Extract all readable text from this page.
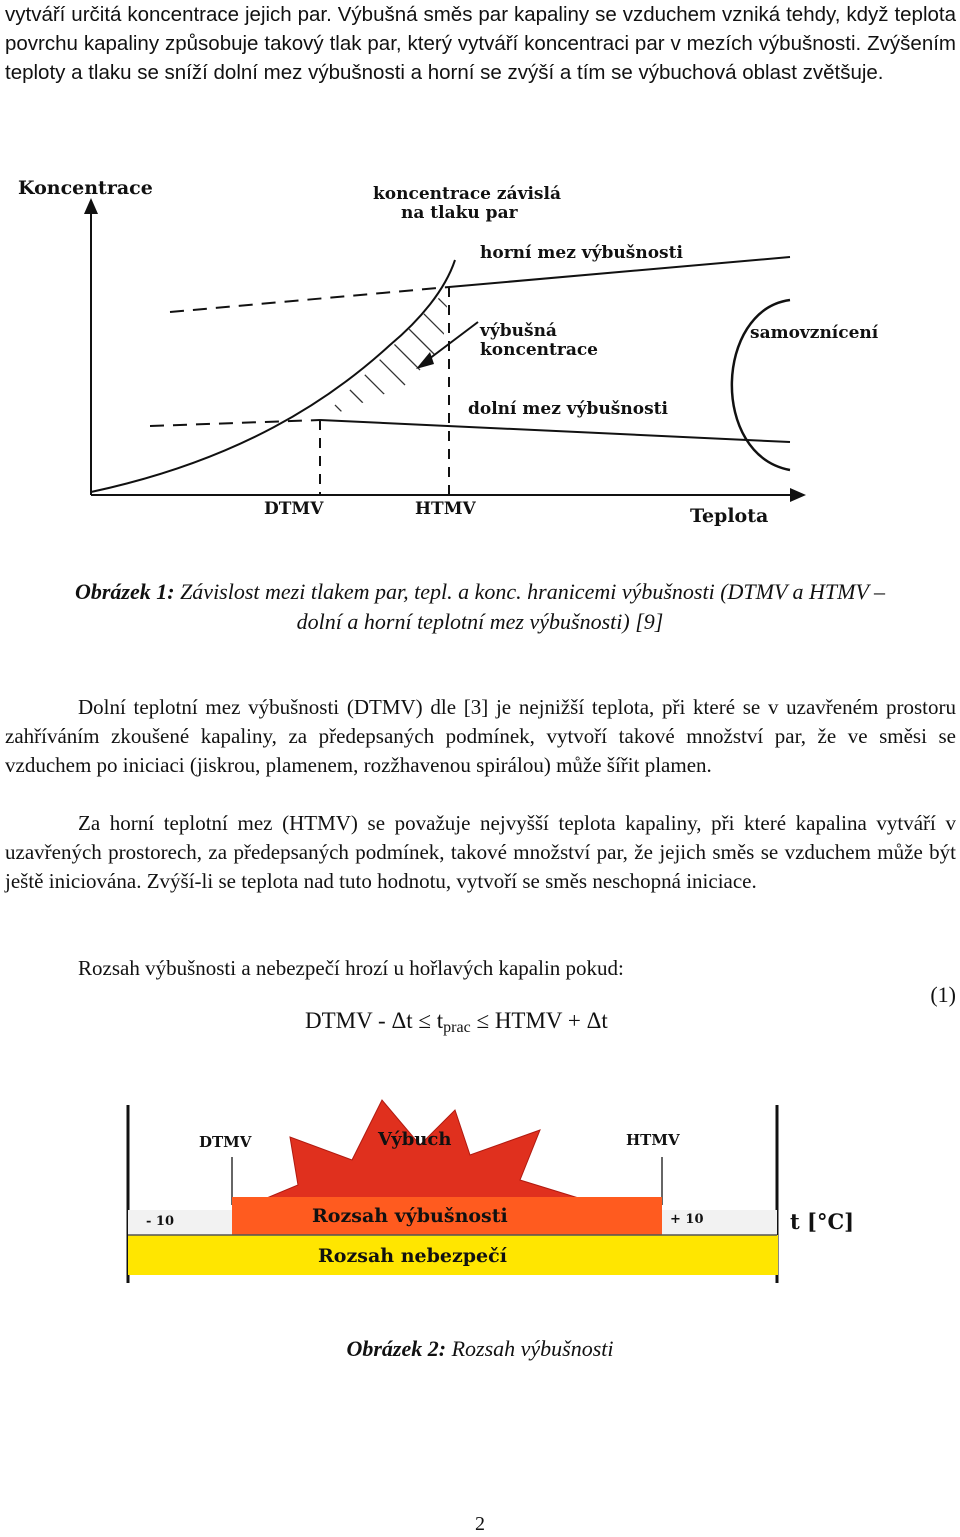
vytváří určitá koncentrace jejich par. Výbušná směs par kapaliny se vzduchem vzniká tehdy, když teplota povrchu kapaliny způsobuje takový tlak par, který vytváří koncentraci par v mezích výbušnosti. Zvýšením teploty a tlaku se sníží dolní mez výbušnosti a horní se zvýší a tím se výbuchová oblast zvětšuje.

Koncentrace	koncentrace závislá
na tlaku par
horní mez výbušnosti
výbušná
koncentrace
samovznícení
dolní mez výbušnosti
DTMV	HTMV	Teplota
Obrázek 1: Závislost mezi tlakem par, tepl. a konc. hranicemi výbušnosti (DTMV a HTMV –
dolní a horní teplotní mez výbušnosti) [9]

Dolní teplotní mez výbušnosti (DTMV) dle [3] je nejnižší teplota, při které se v uzavřeném prostoru zahříváním zkoušené kapaliny, za předepsaných podmínek, vytvoří takové množství par, že ve směsi se vzduchem po iniciaci (jiskrou, plamenem, rozžhavenou spirálou) může šířit plamen.

Za horní teplotní mez (HTMV) se považuje nejvyšší teplota kapaliny, při které kapalina vytváří v uzavřených prostorech, za předepsaných podmínek, takové množství par, že jejich směs se vzduchem může být ještě iniciována. Zvýší-li se teplota nad tuto hodnotu, vytvoří se směs neschopná iniciace.

Rozsah výbušnosti a nebezpečí hrozí u hořlavých kapalin pokud:

DTMV - $\Delta t \le t_{prac}$ ≤ HTMV + Δt
(1)
DTMV	HTMV
Výbuch
- 10	+ 10	t [°C]
Rozsah výbušnosti
Rozsah nebezpečí
Obrázek 2: Rozsah výbušnosti
2
